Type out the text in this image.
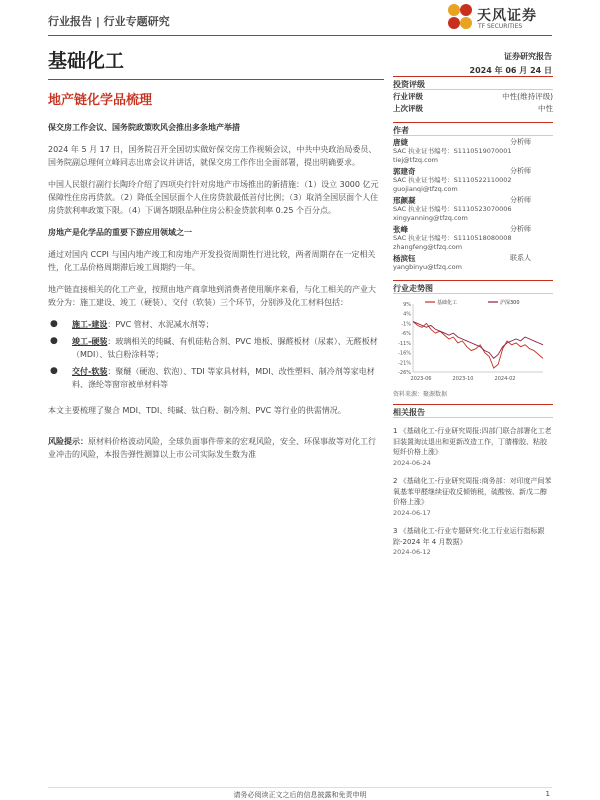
行业报告 | 行业专题研究	天风证券
TF SECURITIES
基础化工	证券研究报告
2024 年 06 月 24 日
地产链化学品梳理
保交房工作会议、国务院政策吹风会推出多条地产举措
2024 年 5 月 17 日，国务院召开全国切实做好保交房工作视频会议，中共中央政治局委员、国务院副总理何立峰同志出席会议并讲话，就保交房工作作出全面部署，提出明确要求。
中国人民银行副行长陶玲介绍了四项央行针对房地产市场推出的新措施：（1）设立 3000 亿元保障性住房再贷款。（2）降低全国层面个人住房贷款最低首付比例；（3）取消全国层面个人住房贷款利率政策下限。（4）下调各期限品种住房公积金贷款利率 0.25 个百分点。
房地产是化学品的重要下游应用领域之一
通过对国内 CCPI 与国内地产竣工和房地产开发投资周期性行进比较，两者周期存在一定相关性，化工品价格周期滞后竣工周期约一年。
地产链直接相关的化工产业，按照由地产商拿地到消费者使用顺序来看，与化工相关的产业大致分为：施工建设、竣工（硬装）、交付（软装）三个环节，分别涉及化工材料包括：
●	施工-建设：PVC 管材、水泥减水剂等；
●	竣工-硬装：玻璃相关的纯碱、有机硅粘合剂、PVC 地板、脲醛板材（尿素）、无醛板材（MDI）、钛白粉涂料等；
●	交付-软装：聚醚（硬泡、软泡）、TDI 等家具材料，MDI、改性塑料、制冷剂等家电材料、涤纶等窗帘被单材料等
本文主要梳理了聚合 MDI、TDI、纯碱、钛白粉、制冷剂、PVC 等行业的供需情况。
风险提示：原材料价格波动风险，全球负面事件带来的宏观风险，安全、环保事故等对化工行业冲击的风险，本报告弹性测算以上市公司实际发生数为准
投资评级
行业评级	中性(维持评级)
上次评级	中性
作者
唐婕	分析师
SAC 执业证书编号：S1110519070001
tiej@tfzq.com
郭建奇	分析师
SAC 执业证书编号：S1110522110002
guojianqi@tfzq.com
邢颜凝	分析师
SAC 执业证书编号：S1110523070006
xingyanning@tfzq.com
张峰	分析师
SAC 执业证书编号：S1110518080008
zhangfeng@tfzq.com
杨滨钰	联系人
yangbinyu@tfzq.com
行业走势图
9%
4%
-1%
-6%
-11%
-16%
-21%
-26%
2023-06	2023-10	2024-02
基础化工	沪深300
资料来源：聚源数据
相关报告
1 《基础化工-行业研究周报:四部门联合部署化工老旧装置淘汰退出和更新改造工作，丁腈橡胶、粘胶短纤价格上涨》
2024-06-24
2 《基础化工-行业研究周报:商务部：对印度产间苯氧基苯甲醛继续征收反倾销税，硫酸铵、新戊二醇价格上涨》
2024-06-17
3 《基础化工-行业专题研究:化工行业运行指标跟踪-2024 年 4 月数据》
2024-06-12
请务必阅读正文之后的信息披露和免责申明	1
